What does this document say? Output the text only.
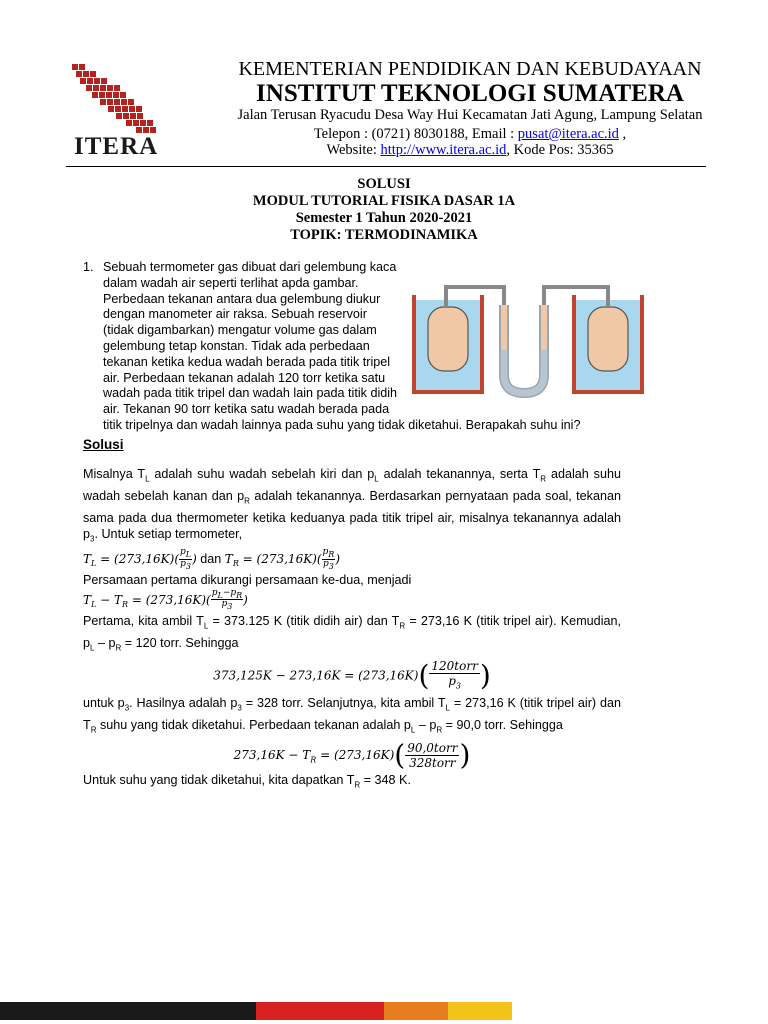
ITERA
KEMENTERIAN PENDIDIKAN DAN KEBUDAYAAN
INSTITUT TEKNOLOGI SUMATERA
Jalan Terusan Ryacudu Desa Way Hui Kecamatan Jati Agung, Lampung Selatan
Telepon : (0721) 8030188, Email : pusat@itera.ac.id ,
Website: http://www.itera.ac.id, Kode Pos: 35365
SOLUSI
MODUL TUTORIAL FISIKA DASAR 1A
Semester 1 Tahun 2020-2021
TOPIK: TERMODINAMIKA
1. Sebuah termometer gas dibuat dari gelembung kaca
dalam wadah air seperti terlihat apda gambar.
Perbedaan tekanan antara dua gelembung diukur
dengan manometer air raksa. Sebuah reservoir
(tidak digambarkan) mengatur volume gas dalam
gelembung tetap konstan. Tidak ada perbedaan
tekanan ketika kedua wadah berada pada titik tripel
air. Perbedaan tekanan adalah 120 torr ketika satu
wadah pada titik tripel dan wadah lain pada titik didih
air. Tekanan 90 torr ketika satu wadah berada pada
titik tripelnya dan wadah lainnya pada suhu yang tidak diketahui. Berapakah suhu ini?
Solusi

Misalnya $T_L$ adalah suhu wadah sebelah kiri dan $p_L$ adalah tekanannya, serta $T_R$ adalah suhu wadah sebelah kanan dan $p_R$ adalah tekanannya. Berdasarkan pernyataan pada soal, tekanan sama pada dua thermometer ketika keduanya pada titik tripel air, misalnya tekanannya adalah $p_3$. Untuk setiap termometer,

$T_L = (273,16K)( \frac{p_L}{p_3}$ ) dan $T_R = (273,16K)( \frac{p_R}{p_3}$ )

Persamaan pertama dikurangi persamaan ke-dua, menjadi

$T_L - T_R = (273,16K)( \frac{p_L-p_R}{p_3}$ )

Pertama, kita ambil $T_L = 373.125$ K (titik didih air) dan $T_R = 273,16$ K (titik tripel air). Kemudian, $p_L - p_R = 120$ torr. Sehingga

373,125K − 273,16K = (273,16K)( 120torr
$p_3$ )

untuk $p_3$. Hasilnya adalah $p_3 = 328$ torr. Selanjutnya, kita ambil $T_L = 273,16$ K (titik tripel air) dan $T_R$ suhu yang tidak diketahui. Perbedaan tekanan adalah $p_L - p_R = 90,0$ torr. Sehingga

$273,16K - T_R = (273,16K)$( 90,0torr
328torr )

Untuk suhu yang tidak diketahui, kita dapatkan $T_R = 348$ K.
